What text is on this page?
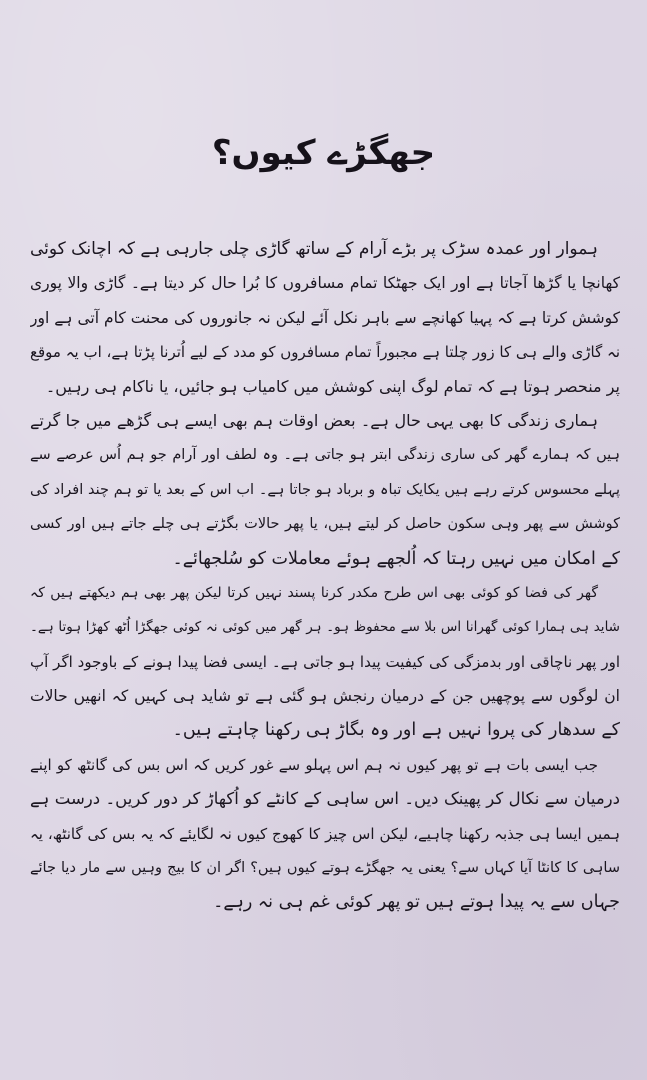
جھگڑے کیوں؟
ہموار اور عمدہ سڑک پر بڑے آرام کے ساتھ گاڑی چلی جارہی ہے کہ اچانک کوئی
کھانچا یا گڑھا آجاتا ہے اور ایک جھٹکا تمام مسافروں کا بُرا حال کر دیتا ہے۔ گاڑی والا پوری
کوشش کرتا ہے کہ پہیا کھانچے سے باہر نکل آئے لیکن نہ جانوروں کی محنت کام آتی ہے اور
نہ گاڑی والے ہی کا زور چلتا ہے مجبوراً تمام مسافروں کو مدد کے لیے اُترنا پڑتا ہے، اب یہ موقع
پر منحصر ہوتا ہے کہ تمام لوگ اپنی کوشش میں کامیاب ہو جائیں، یا ناکام ہی رہیں۔
ہماری زندگی کا بھی یہی حال ہے۔ بعض اوقات ہم بھی ایسے ہی گڑھے میں جا گرتے
ہیں کہ ہمارے گھر کی ساری زندگی ابتر ہو جاتی ہے۔ وہ لطف اور آرام جو ہم اُس عرصے سے
پہلے محسوس کرتے رہے ہیں یکایک تباہ و برباد ہو جاتا ہے۔ اب اس کے بعد یا تو ہم چند افراد کی
کوشش سے پھر وہی سکون حاصل کر لیتے ہیں، یا پھر حالات بگڑتے ہی چلے جاتے ہیں اور کسی
کے امکان میں نہیں رہتا کہ اُلجھے ہوئے معاملات کو سُلجھائے۔
گھر کی فضا کو کوئی بھی اس طرح مکدر کرنا پسند نہیں کرتا لیکن پھر بھی ہم دیکھتے ہیں کہ
شاید ہی ہمارا کوئی گھرانا اس بلا سے محفوظ ہو۔ ہر گھر میں کوئی نہ کوئی جھگڑا اُٹھ کھڑا ہوتا ہے۔
اور پھر ناچاقی اور بدمزگی کی کیفیت پیدا ہو جاتی ہے۔ ایسی فضا پیدا ہونے کے باوجود اگر آپ
ان لوگوں سے پوچھیں جن کے درمیان رنجش ہو گئی ہے تو شاید ہی کہیں کہ انھیں حالات
کے سدھار کی پروا نہیں ہے اور وہ بگاڑ ہی رکھنا چاہتے ہیں۔
جب ایسی بات ہے تو پھر کیوں نہ ہم اس پہلو سے غور کریں کہ اس بس کی گانٹھ کو اپنے
درمیان سے نکال کر پھینک دیں۔ اس ساہی کے کانٹے کو اُکھاڑ کر دور کریں۔ درست ہے
ہمیں ایسا ہی جذبہ رکھنا چاہیے، لیکن اس چیز کا کھوج کیوں نہ لگایئے کہ یہ بس کی گانٹھ، یہ
ساہی کا کانٹا آیا کہاں سے؟ یعنی یہ جھگڑے ہوتے کیوں ہیں؟ اگر ان کا بیج وہیں سے مار دیا جائے
جہاں سے یہ پیدا ہوتے ہیں تو پھر کوئی غم ہی نہ رہے۔
